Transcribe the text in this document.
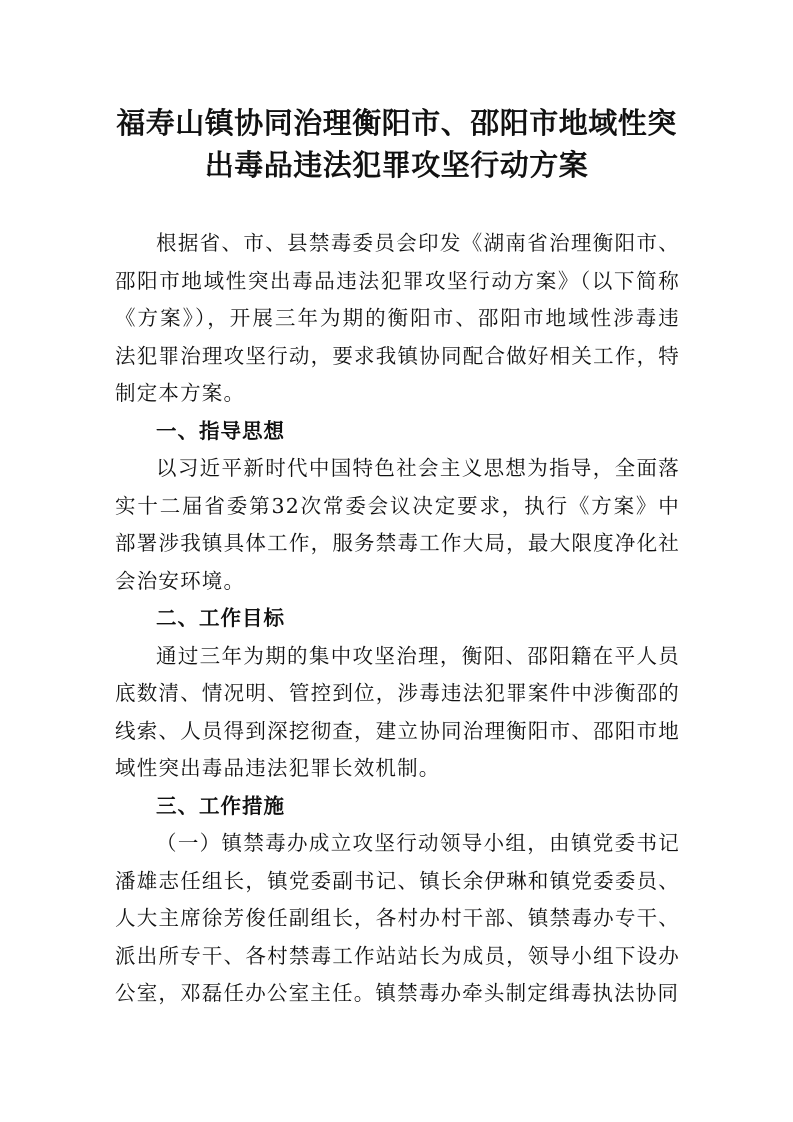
福寿山镇协同治理衡阳市、邵阳市地域性突
出毒品违法犯罪攻坚行动方案

根据省、市、县禁毒委员会印发《湖南省治理衡阳市、邵阳市地域性突出毒品违法犯罪攻坚行动方案》（以下简称《方案》），开展三年为期的衡阳市、邵阳市地域性涉毒违法犯罪治理攻坚行动，要求我镇协同配合做好相关工作，特制定本方案。

一、指导思想

以习近平新时代中国特色社会主义思想为指导，全面落实十二届省委第32次常委会议决定要求，执行《方案》中部署涉我镇具体工作，服务禁毒工作大局，最大限度净化社会治安环境。

二、工作目标

通过三年为期的集中攻坚治理，衡阳、邵阳籍在平人员底数清、情况明、管控到位，涉毒违法犯罪案件中涉衡邵的线索、人员得到深挖彻查，建立协同治理衡阳市、邵阳市地域性突出毒品违法犯罪长效机制。

三、工作措施

（一）镇禁毒办成立攻坚行动领导小组，由镇党委书记潘雄志任组长，镇党委副书记、镇长余伊琳和镇党委委员、人大主席徐芳俊任副组长，各村办村干部、镇禁毒办专干、派出所专干、各村禁毒工作站站长为成员，领导小组下设办公室，邓磊任办公室主任。镇禁毒办牵头制定缉毒执法协同
